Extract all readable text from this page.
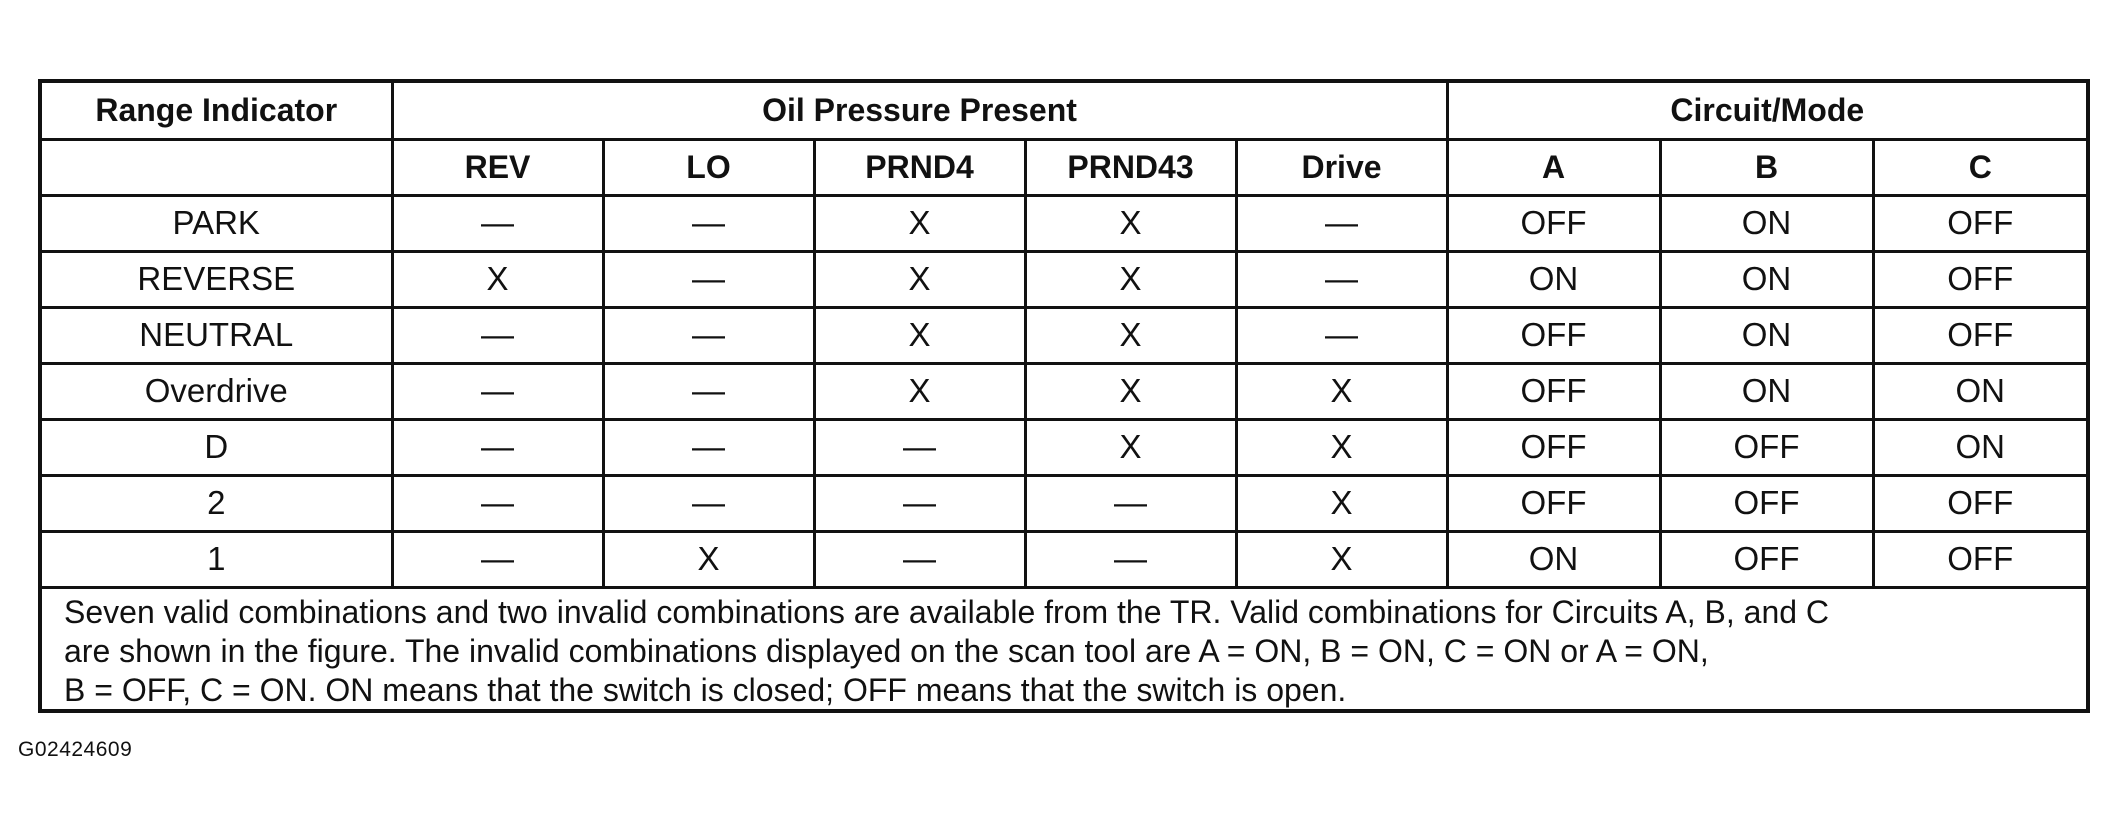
Range Indicator	Oil Pressure Present					Circuit/Mode		
	REV	LO	PRND4	PRND43	Drive	A	B	C
PARK	—	—	X	X	—	OFF	ON	OFF
REVERSE	X	—	X	X	—	ON	ON	OFF
NEUTRAL	—	—	X	X	—	OFF	ON	OFF
Overdrive	—	—	X	X	X	OFF	ON	ON
D	—	—	—	X	X	OFF	OFF	ON
2	—	—	—	—	X	OFF	OFF	OFF
1	—	X	—	—	X	ON	OFF	OFF
Seven valid combinations and two invalid combinations are available from the TR. Valid combinations for Circuits A, B, and C
are shown in the figure. The invalid combinations displayed on the scan tool are A = ON, B = ON, C = ON or A = ON,
B = OFF, C = ON. ON means that the switch is closed; OFF means that the switch is open.
G02424609
